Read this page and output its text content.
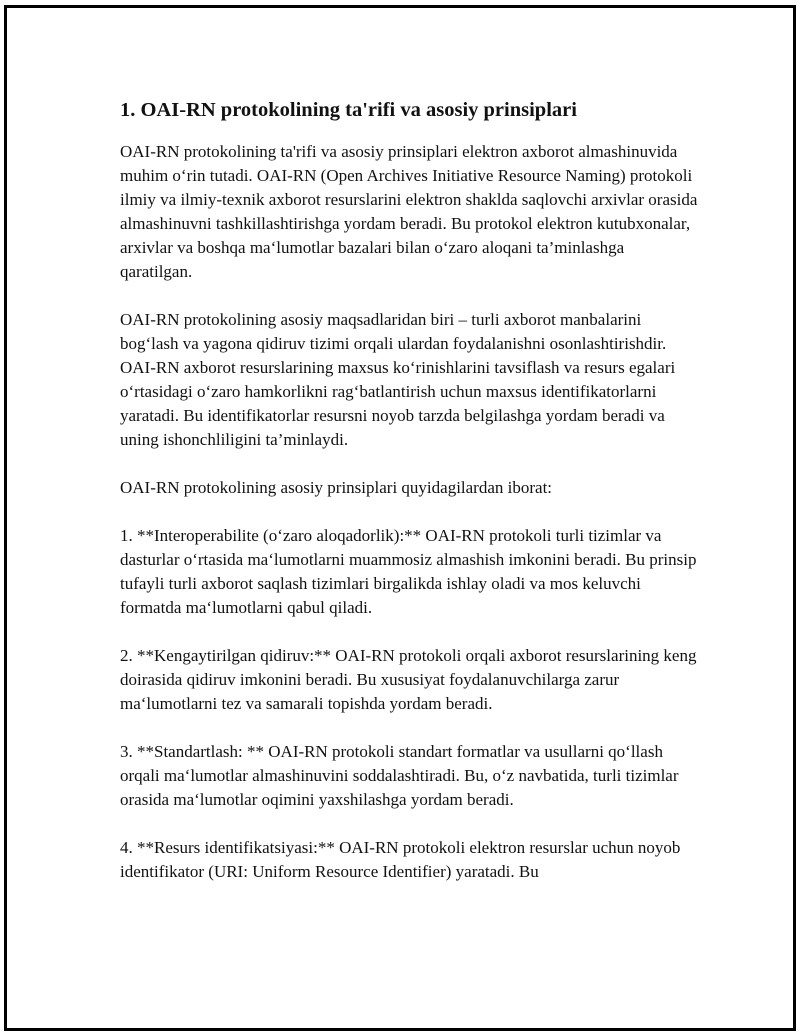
1. OAI-RN protokolining ta'rifi va asosiy prinsiplari

OAI-RN protokolining ta'rifi va asosiy prinsiplari elektron axborot almashinuvida muhim o‘rin tutadi. OAI-RN (Open Archives Initiative Resource Naming) protokoli ilmiy va ilmiy-texnik axborot resurslarini elektron shaklda saqlovchi arxivlar orasida almashinuvni tashkillashtirishga yordam beradi. Bu protokol elektron kutubxonalar, arxivlar va boshqa ma‘lumotlar bazalari bilan o‘zaro aloqani ta’minlashga qaratilgan.

OAI-RN protokolining asosiy maqsadlaridan biri – turli axborot manbalarini bog‘lash va yagona qidiruv tizimi orqali ulardan foydalanishni osonlashtirishdir. OAI-RN axborot resurslarining maxsus ko‘rinishlarini tavsiflash va resurs egalari o‘rtasidagi o‘zaro hamkorlikni rag‘batlantirish uchun maxsus identifikatorlarni yaratadi. Bu identifikatorlar resursni noyob tarzda belgilashga yordam beradi va uning ishonchliligini ta’minlaydi.

OAI-RN protokolining asosiy prinsiplari quyidagilardan iborat:

1. **Interoperabilite (o‘zaro aloqadorlik):** OAI-RN protokoli turli tizimlar va dasturlar o‘rtasida ma‘lumotlarni muammosiz almashish imkonini beradi. Bu prinsip tufayli turli axborot saqlash tizimlari birgalikda ishlay oladi va mos keluvchi formatda ma‘lumotlarni qabul qiladi.

2. **Kengaytirilgan qidiruv:** OAI-RN protokoli orqali axborot resurslarining keng doirasida qidiruv imkonini beradi. Bu xususiyat foydalanuvchilarga zarur ma‘lumotlarni tez va samarali topishda yordam beradi.

3. **Standartlash: ** OAI-RN protokoli standart formatlar va usullarni qo‘llash orqali ma‘lumotlar almashinuvini soddalashtiradi. Bu, o‘z navbatida, turli tizimlar orasida ma‘lumotlar oqimini yaxshilashga yordam beradi.

4. **Resurs identifikatsiyasi:** OAI-RN protokoli elektron resurslar uchun noyob identifikator (URI: Uniform Resource Identifier) yaratadi. Bu
